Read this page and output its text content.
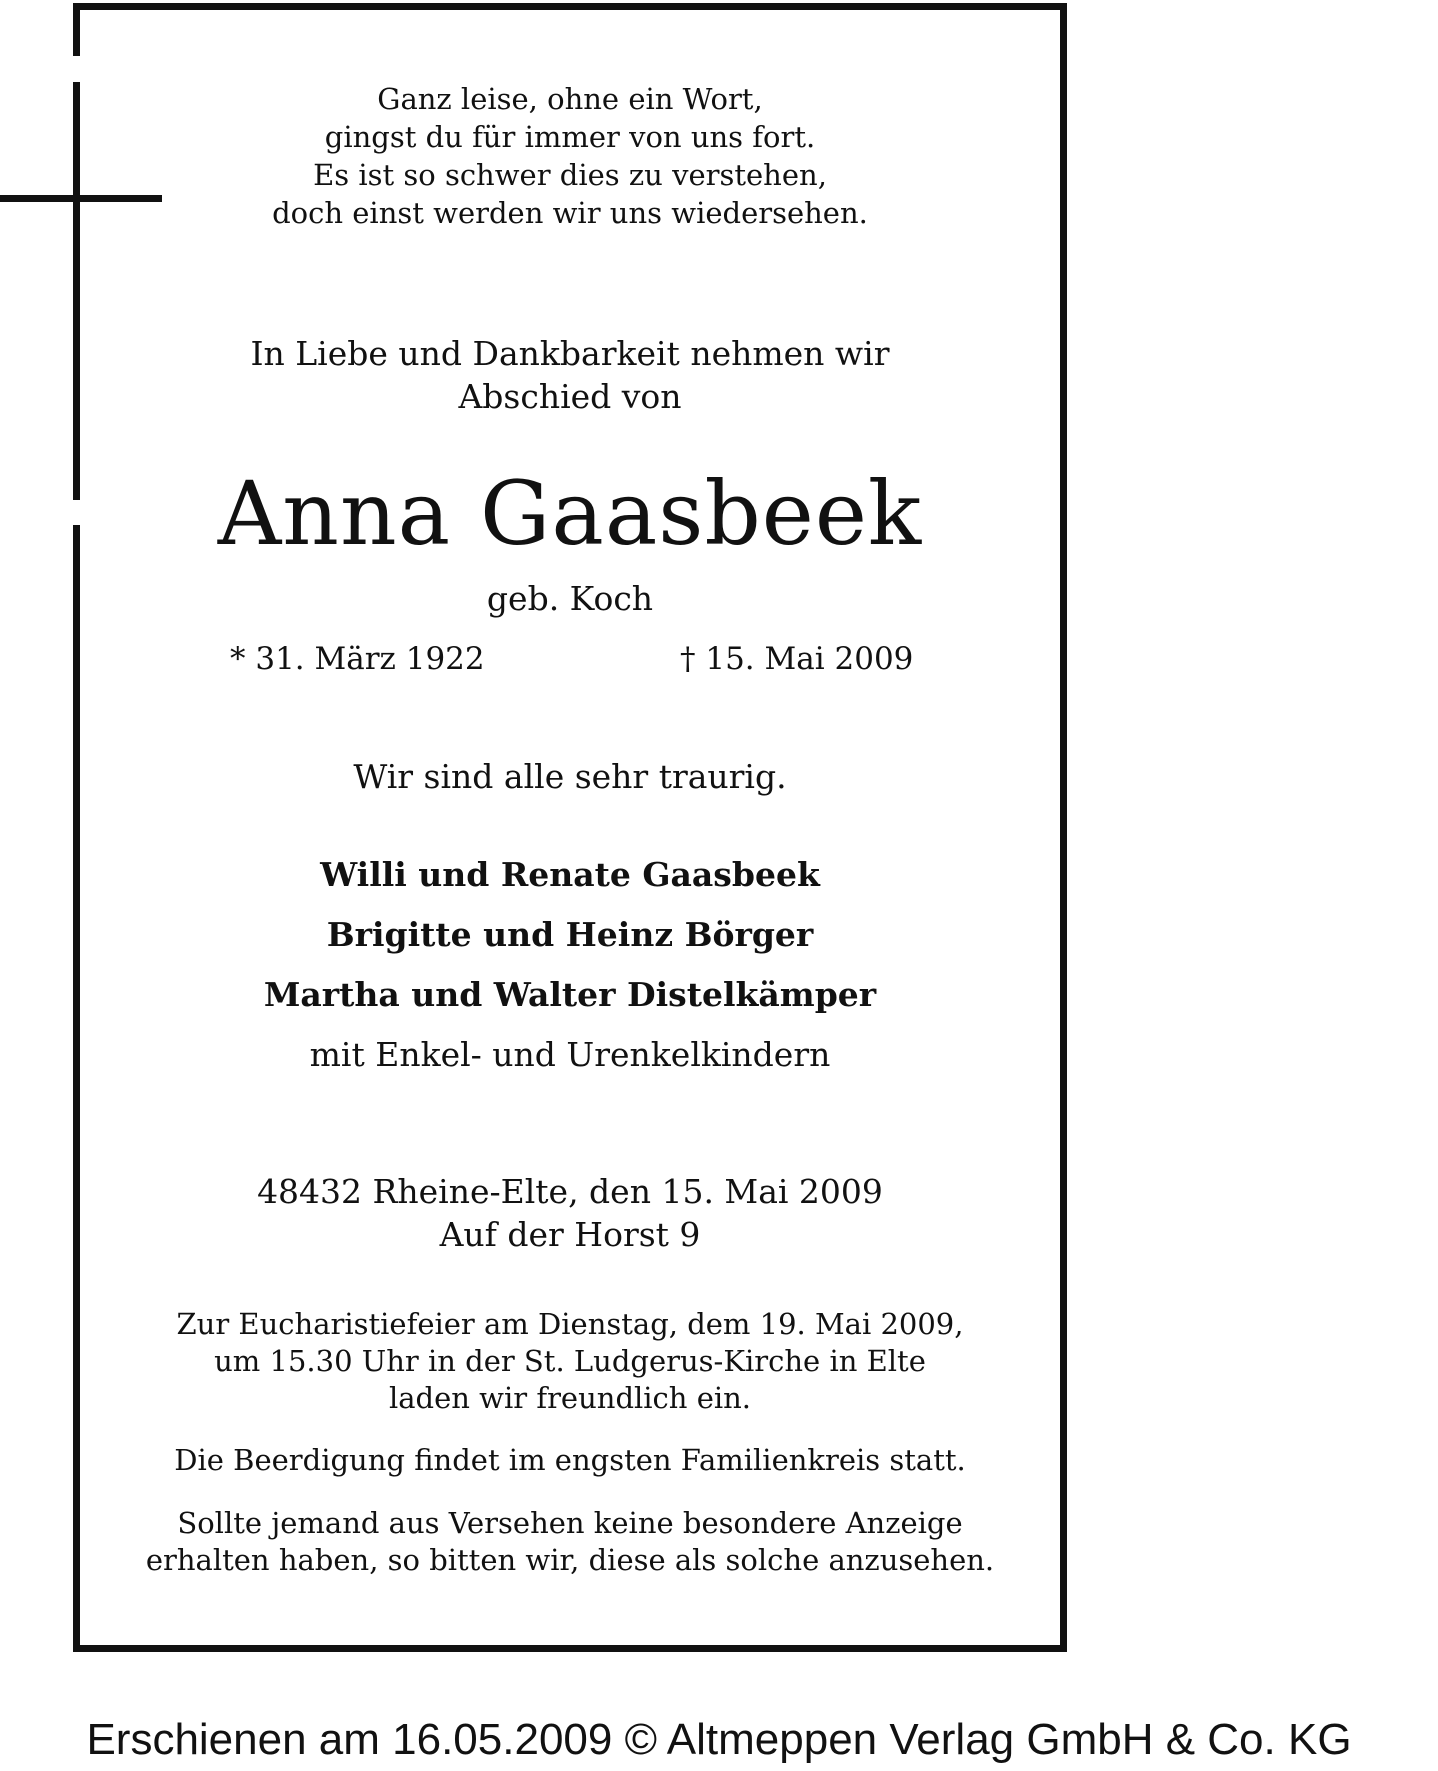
Ganz leise, ohne ein Wort,
gingst du für immer von uns fort.
Es ist so schwer dies zu verstehen,
doch einst werden wir uns wiedersehen.
In Liebe und Dankbarkeit nehmen wir
Abschied von
Anna Gaasbeek
geb. Koch
* 31. März 1922	† 15. Mai 2009
Wir sind alle sehr traurig.
Willi und Renate Gaasbeek
Brigitte und Heinz Börger
Martha und Walter Distelkämper
mit Enkel- und Urenkelkindern
48432 Rheine-Elte, den 15. Mai 2009
Auf der Horst 9
Zur Eucharistiefeier am Dienstag, dem 19. Mai 2009,
um 15.30 Uhr in der St. Ludgerus-Kirche in Elte
laden wir freundlich ein.
Die Beerdigung findet im engsten Familienkreis statt.
Sollte jemand aus Versehen keine besondere Anzeige
erhalten haben, so bitten wir, diese als solche anzusehen.
Erschienen am 16.05.2009 © Altmeppen Verlag GmbH & Co. KG
